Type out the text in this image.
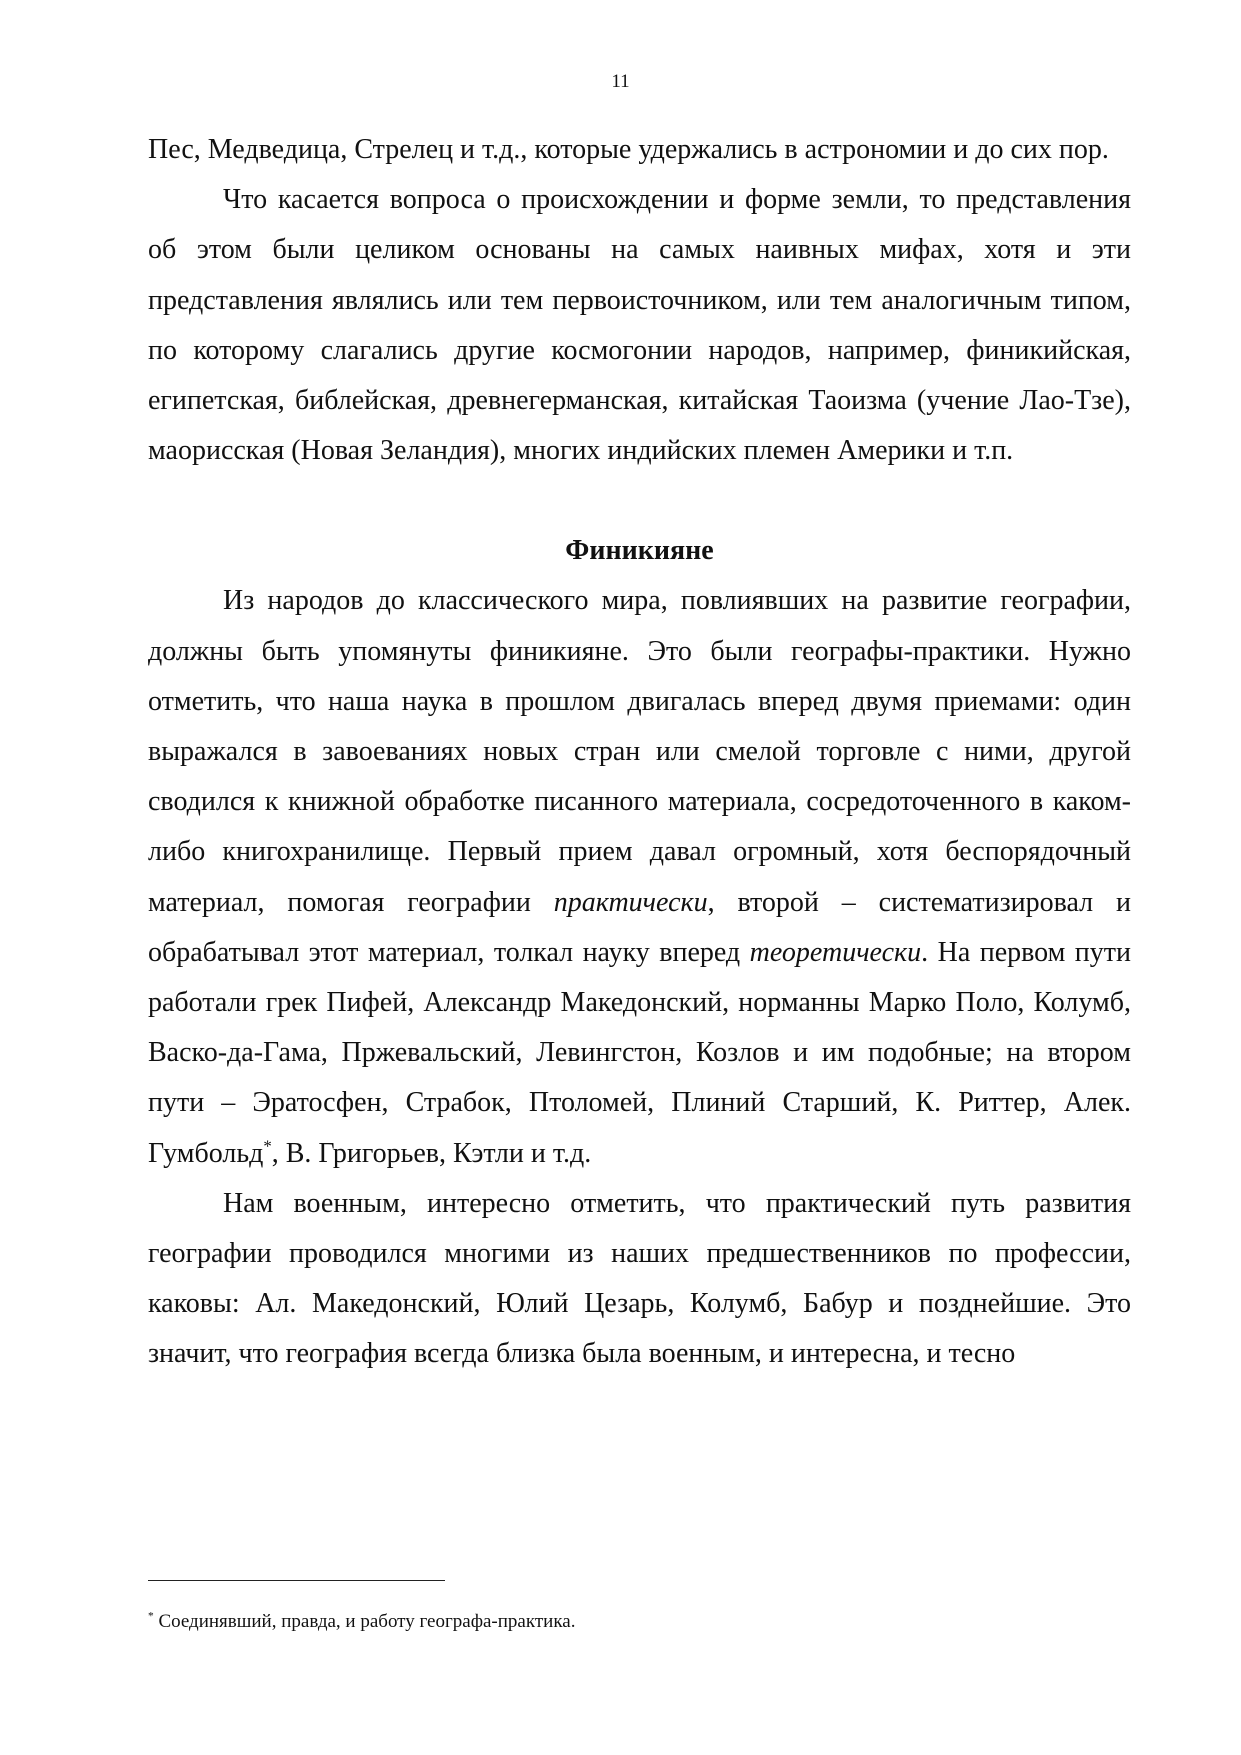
11

Пес, Медведица, Стрелец и т.д., которые удержались в астрономии и до сих пор.

Что касается вопроса о происхождении и форме земли, то представления об этом были целиком основаны на самых наивных мифах, хотя и эти представления являлись или тем первоисточником, или тем аналогичным типом, по которому слагались другие космогонии народов, например, финикийская, египетская, библейская, древнегерманская, китайская Таоизма (учение Лао-Тзе), маорисская (Новая Зеландия), многих индийских племен Америки и т.п.

Финикияне

Из народов до классического мира, повлиявших на развитие географии, должны быть упомянуты финикияне. Это были географы-практики. Нужно отметить, что наша наука в прошлом двигалась вперед двумя приемами: один выражался в завоеваниях новых стран или смелой торговле с ними, другой сводился к книжной обработке писанного материала, сосредоточенного в каком-либо книгохранилище. Первый прием давал огромный, хотя беспорядочный материал, помогая географии практически, второй – систематизировал и обрабатывал этот материал, толкал науку вперед теоретически. На первом пути работали грек Пифей, Александр Македонский, норманны Марко Поло, Колумб, Васко-да-Гама, Пржевальский, Левингстон, Козлов и им подобные; на втором пути – Эратосфен, Страбок, Птоломей, Плиний Старший, К. Риттер, Алек. Гумбольд*, В. Григорьев, Кэтли и т.д.

Нам военным, интересно отметить, что практический путь развития географии проводился многими из наших предшественников по профессии, каковы: Ал. Македонский, Юлий Цезарь, Колумб, Бабур и позднейшие. Это значит, что география всегда близка была военным, и интересна, и тесно

* Соединявший, правда, и работу географа-практика.
